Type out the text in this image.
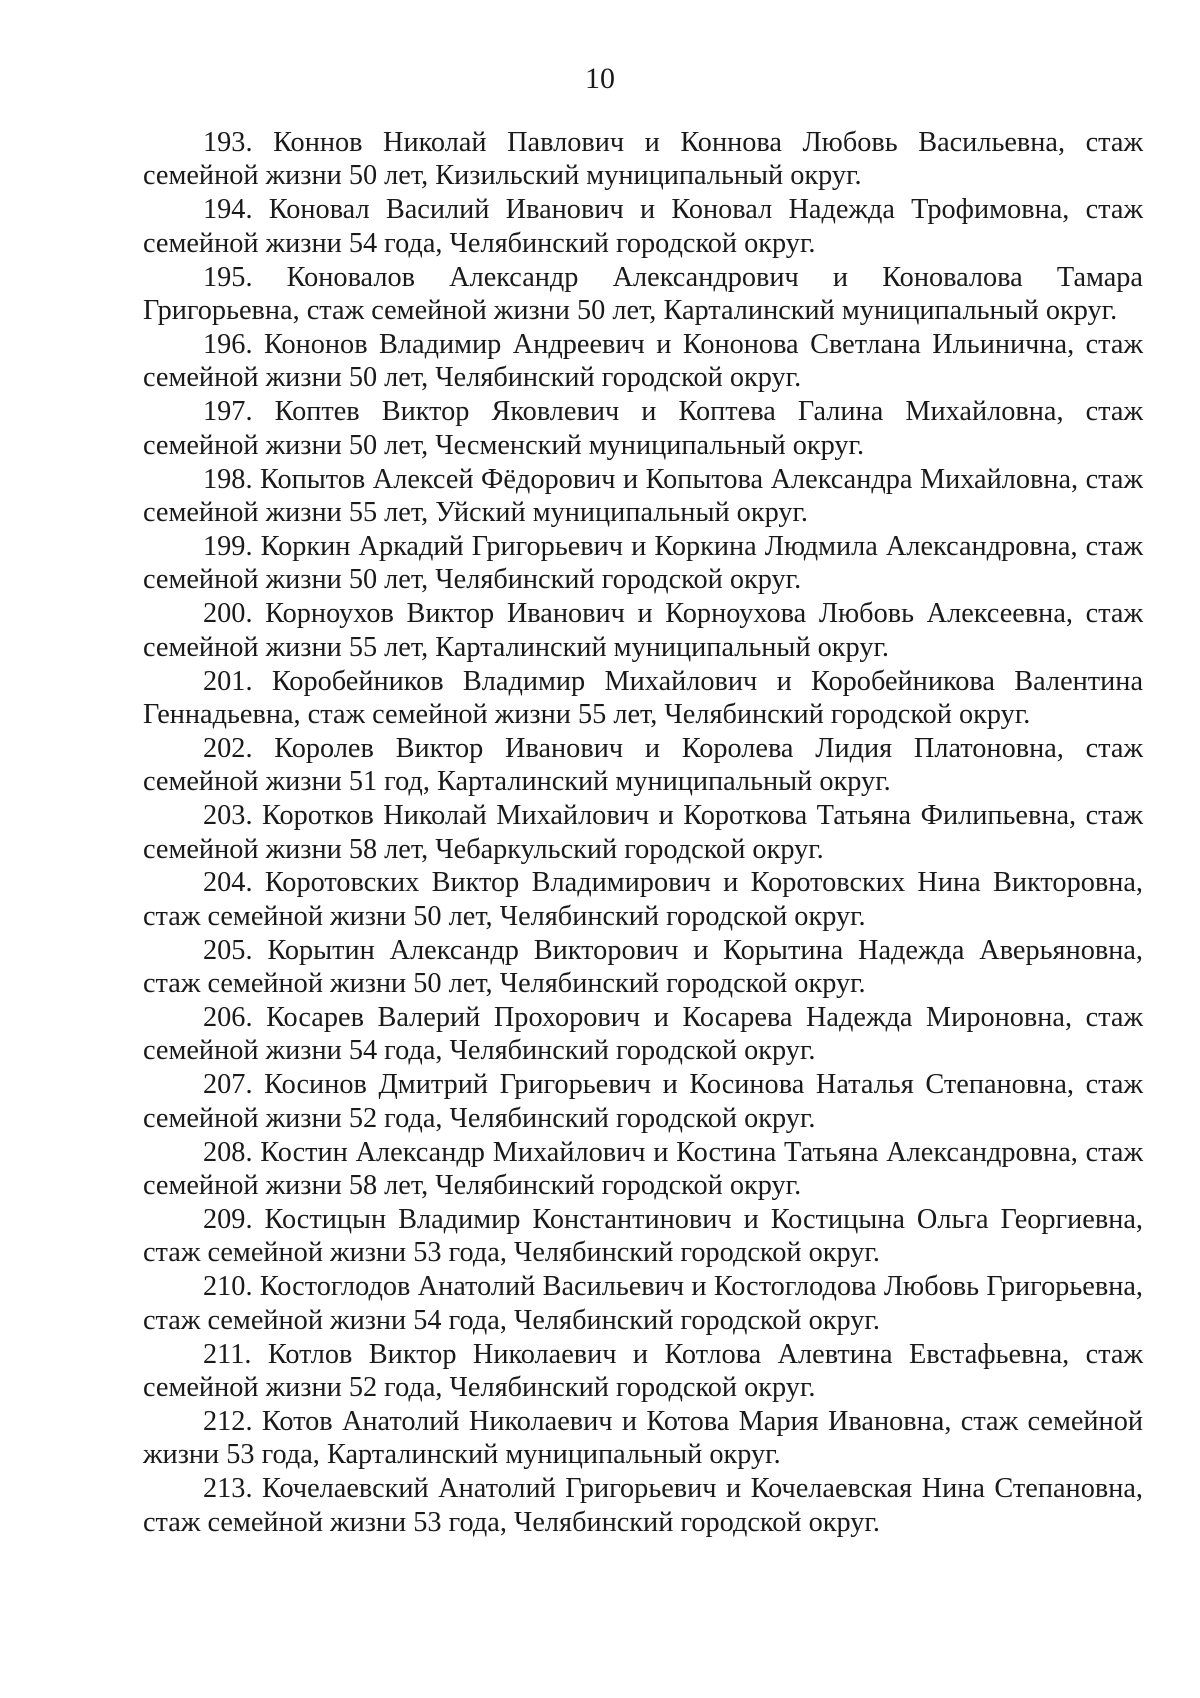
10
193. Коннов Николай Павлович и Коннова Любовь Васильевна, стаж семейной жизни 50 лет, Кизильский муниципальный округ.
194. Коновал Василий Иванович и Коновал Надежда Трофимовна, стаж семейной жизни 54 года, Челябинский городской округ.
195. Коновалов Александр Александрович и Коновалова Тамара Григорьевна, стаж семейной жизни 50 лет, Карталинский муниципальный округ.
196. Кононов Владимир Андреевич и Кононова Светлана Ильинична, стаж семейной жизни 50 лет, Челябинский городской округ.
197. Коптев Виктор Яковлевич и Коптева Галина Михайловна, стаж семейной жизни 50 лет, Чесменский муниципальный округ.
198. Копытов Алексей Фёдорович и Копытова Александра Михайловна, стаж семейной жизни 55 лет, Уйский муниципальный округ.
199. Коркин Аркадий Григорьевич и Коркина Людмила Александровна, стаж семейной жизни 50 лет, Челябинский городской округ.
200. Корноухов Виктор Иванович и Корноухова Любовь Алексеевна, стаж семейной жизни 55 лет, Карталинский муниципальный округ.
201. Коробейников Владимир Михайлович и Коробейникова Валентина Геннадьевна, стаж семейной жизни 55 лет, Челябинский городской округ.
202. Королев Виктор Иванович и Королева Лидия Платоновна, стаж семейной жизни 51 год, Карталинский муниципальный округ.
203. Коротков Николай Михайлович и Короткова Татьяна Филипьевна, стаж семейной жизни 58 лет, Чебаркульский городской округ.
204. Коротовских Виктор Владимирович и Коротовских Нина Викторовна, стаж семейной жизни 50 лет, Челябинский городской округ.
205. Корытин Александр Викторович и Корытина Надежда Аверьяновна, стаж семейной жизни 50 лет, Челябинский городской округ.
206. Косарев Валерий Прохорович и Косарева Надежда Мироновна, стаж семейной жизни 54 года, Челябинский городской округ.
207. Косинов Дмитрий Григорьевич и Косинова Наталья Степановна, стаж семейной жизни 52 года, Челябинский городской округ.
208. Костин Александр Михайлович и Костина Татьяна Александровна, стаж семейной жизни 58 лет, Челябинский городской округ.
209. Костицын Владимир Константинович и Костицына Ольга Георгиевна, стаж семейной жизни 53 года, Челябинский городской округ.
210. Костоглодов Анатолий Васильевич и Костоглодова Любовь Григорьевна, стаж семейной жизни 54 года, Челябинский городской округ.
211. Котлов Виктор Николаевич и Котлова Алевтина Евстафьевна, стаж семейной жизни 52 года, Челябинский городской округ.
212. Котов Анатолий Николаевич и Котова Мария Ивановна, стаж семейной жизни 53 года, Карталинский муниципальный округ.
213. Кочелаевский Анатолий Григорьевич и Кочелаевская Нина Степановна, стаж семейной жизни 53 года, Челябинский городской округ.
